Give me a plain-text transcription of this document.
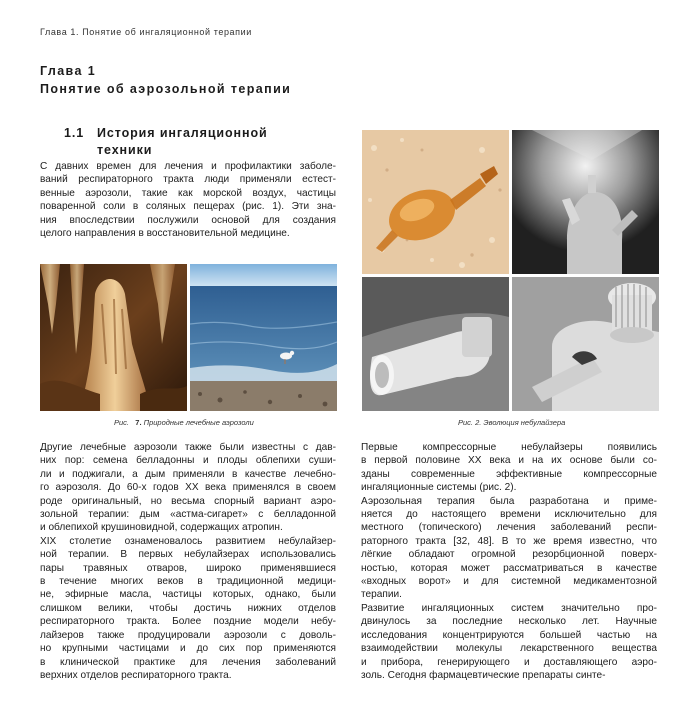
Глава 1. Понятие об ингаляционной терапии
Глава 1
Понятие об аэрозольной терапии
1.1 История ингаляционной
техники
С давних времен для лечения и профилактики заболе-
ваний респираторного тракта люди применяли естест-
венные аэрозоли, такие как морской воздух, частицы
поваренной соли в соляных пещерах (рис. 1). Эти зна-
ния впоследствии послужили основой для создания
целого направления в восстановительной медицине.
Рис. 7. Природные лечебные аэрозоли	Рис. 2. Эволюция небулайзера
Другие лечебные аэрозоли также были известны с дав-
них пор: семена белладонны и плоды облепихи суши-
ли и поджигали, а дым применяли в качестве лечебно-
го аэрозоля. До 60-х годов XX века применялся в своем
роде оригинальный, но весьма спорный вариант аэро-
зольной терапии: дым «астма-сигарет» с белладонной
и облепихой крушиновидной, содержащих атропин.
XIX столетие ознаменовалось развитием небулайзер-
ной терапии. В первых небулайзерах использовались
пары травяных отваров, широко применявшиеся
в течение многих веков в традиционной медици-
не, эфирные масла, частицы которых, однако, были
слишком велики, чтобы достичь нижних отделов
респираторного тракта. Более поздние модели небу-
лайзеров также продуцировали аэрозоли с доволь-
но крупными частицами и до сих пор применяются
в клинической практике для лечения заболеваний
верхних отделов респираторного тракта.
Первые компрессорные небулайзеры появились
в первой половине XX века и на их основе были со-
зданы современные эффективные компрессорные
ингаляционные системы (рис. 2).
Аэрозольная терапия была разработана и приме-
няется до настоящего времени исключительно для
местного (топического) лечения заболеваний респи-
раторного тракта [32, 48]. В то же время известно, что
лёгкие обладают огромной резорбционной поверх-
ностью, которая может рассматриваться в качестве
«входных ворот» и для системной медикаментозной
терапии.
Развитие ингаляционных систем значительно про-
двинулось за последние несколько лет. Научные
исследования концентрируются большей частью на
взаимодействии молекулы лекарственного вещества
и прибора, генерирующего и доставляющего аэро-
золь. Сегодня фармацевтические препараты синте-
